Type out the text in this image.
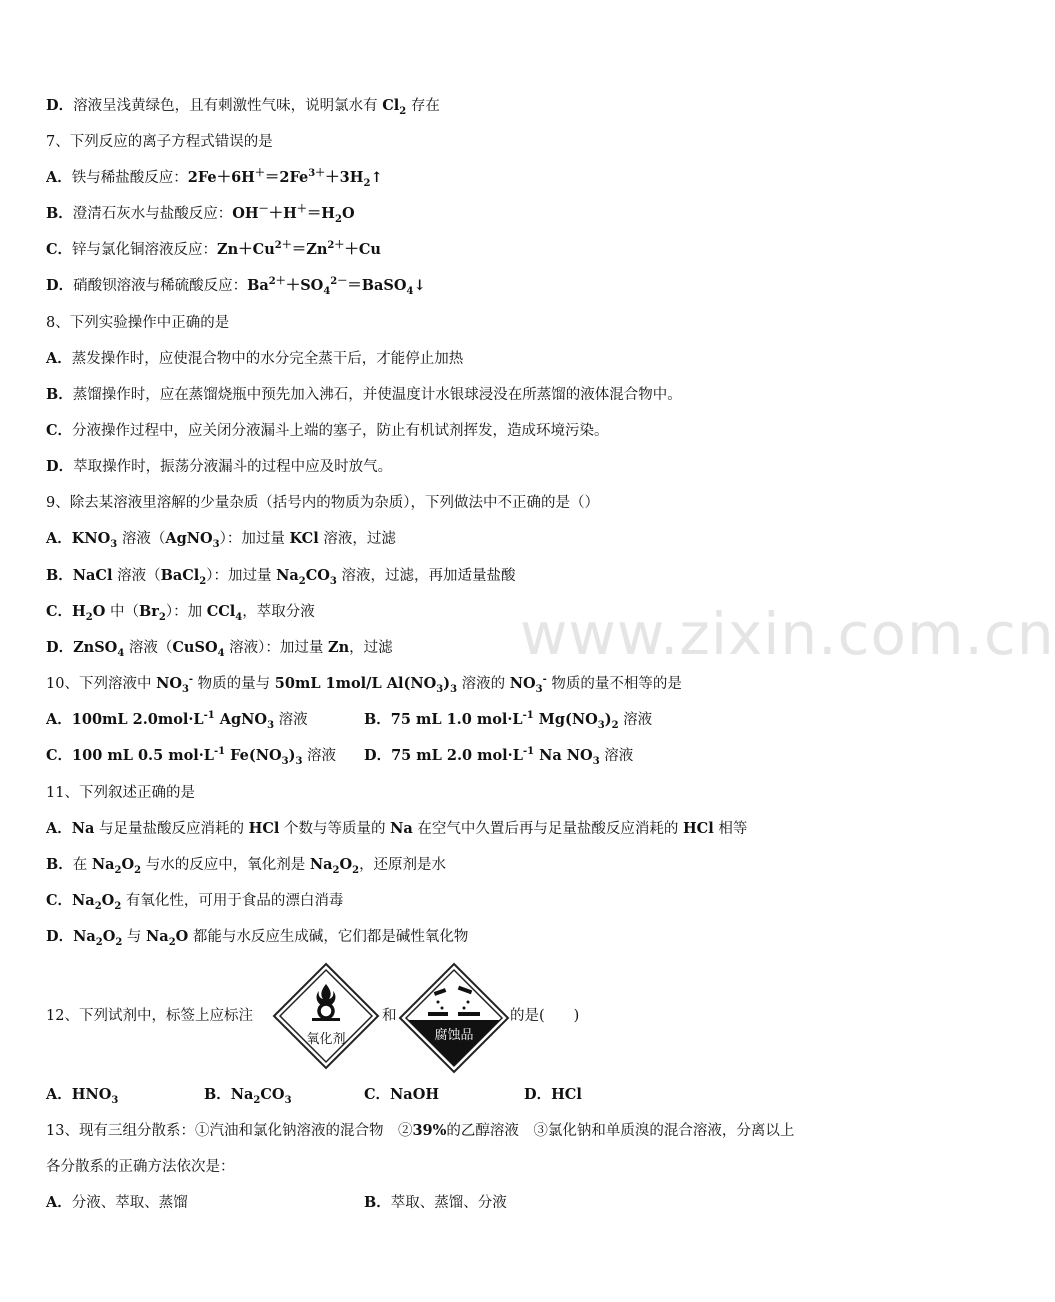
D．溶液呈浅黄绿色，且有刺激性气味，说明氯水有 $Cl_2$ 存在
7、下列反应的离子方程式错误的是
A．铁与稀盐酸反应：$2Fe+6H^+=2Fe^{3+}+3H_2↑$
B．澄清石灰水与盐酸反应：$OH^-+H^+=H_2O$
C．锌与氯化铜溶液反应：$Zn+Cu^{2+}=Zn^{2+}+Cu$
D．硝酸钡溶液与稀硫酸反应：$Ba^{2+}+SO_4^{2-}=BaSO_4↓$
8、下列实验操作中正确的是
A．蒸发操作时，应使混合物中的水分完全蒸干后，才能停止加热
B．蒸馏操作时，应在蒸馏烧瓶中预先加入沸石，并使温度计水银球浸没在所蒸馏的液体混合物中。
C．分液操作过程中，应关闭分液漏斗上端的塞子，防止有机试剂挥发，造成环境污染。
D．萃取操作时，振荡分液漏斗的过程中应及时放气。
9、除去某溶液里溶解的少量杂质（括号内的物质为杂质），下列做法中不正确的是（）
A．$KNO_3$ 溶液（AgNO$_3$）：加过量 KCl 溶液，过滤
B．NaCl 溶液（BaCl$_2$）：加过量 $Na_2CO_3$ 溶液，过滤，再加适量盐酸
C．$H_2O$ 中$(Br_2)$：加 CCl$_4$，萃取分液
D．ZnSO$_4$ 溶液（CuSO$_4$ 溶液）：加过量 Zn，过滤 www.zixin.com.cn
10、下列溶液中 $NO_3^-$ 物质的量与 50mL 1mol/L $Al(NO_3)_3$ 溶液的 $NO_3^-$ 物质的量不相等的是
A．100mL $2.0mol\cdot L^{-1}$ AgNO$_3$ 溶液	B．75 mL 1.0 $mol\cdot L^{-1}$ $Mg(NO_3)_2$ 溶液
C．100 mL 0.5 $mol\cdot L^{-1}$ $Fe(NO_3)_3$ 溶液 D．75 mL 2.0 $mol\cdot L^{-1}$ Na $NO_3$ 溶液
11、下列叙述正确的是
A．Na 与足量盐酸反应消耗的 HCl 个数与等质量的 Na 在空气中久置后再与足量盐酸反应消耗的 HCl 相等
B．在 $Na_2O_2$ 与水的反应中，氧化剂是 $Na_2O_2$，还原剂是水
C．$Na_2O_2$ 有氧化性，可用于食品的漂白消毒
D．$Na_2O_2$ 与 $Na_2O$ 都能与水反应生成碱，它们都是碱性氧化物
12、下列试剂中，标签上应标注
氧化剂
和
腐蚀品
的是(　　)
A．$HNO_3$	B．$Na_2CO_3$	C．NaOH	D．HCl
13、现有三组分散系：①汽油和氯化钠溶液的混合物　 ②39%的乙醇溶液　 ③氯化钠和单质溴的混合溶液，分离以上
各分散系的正确方法依次是：
A．分液、萃取、蒸馏	B．萃取、蒸馏、分液
